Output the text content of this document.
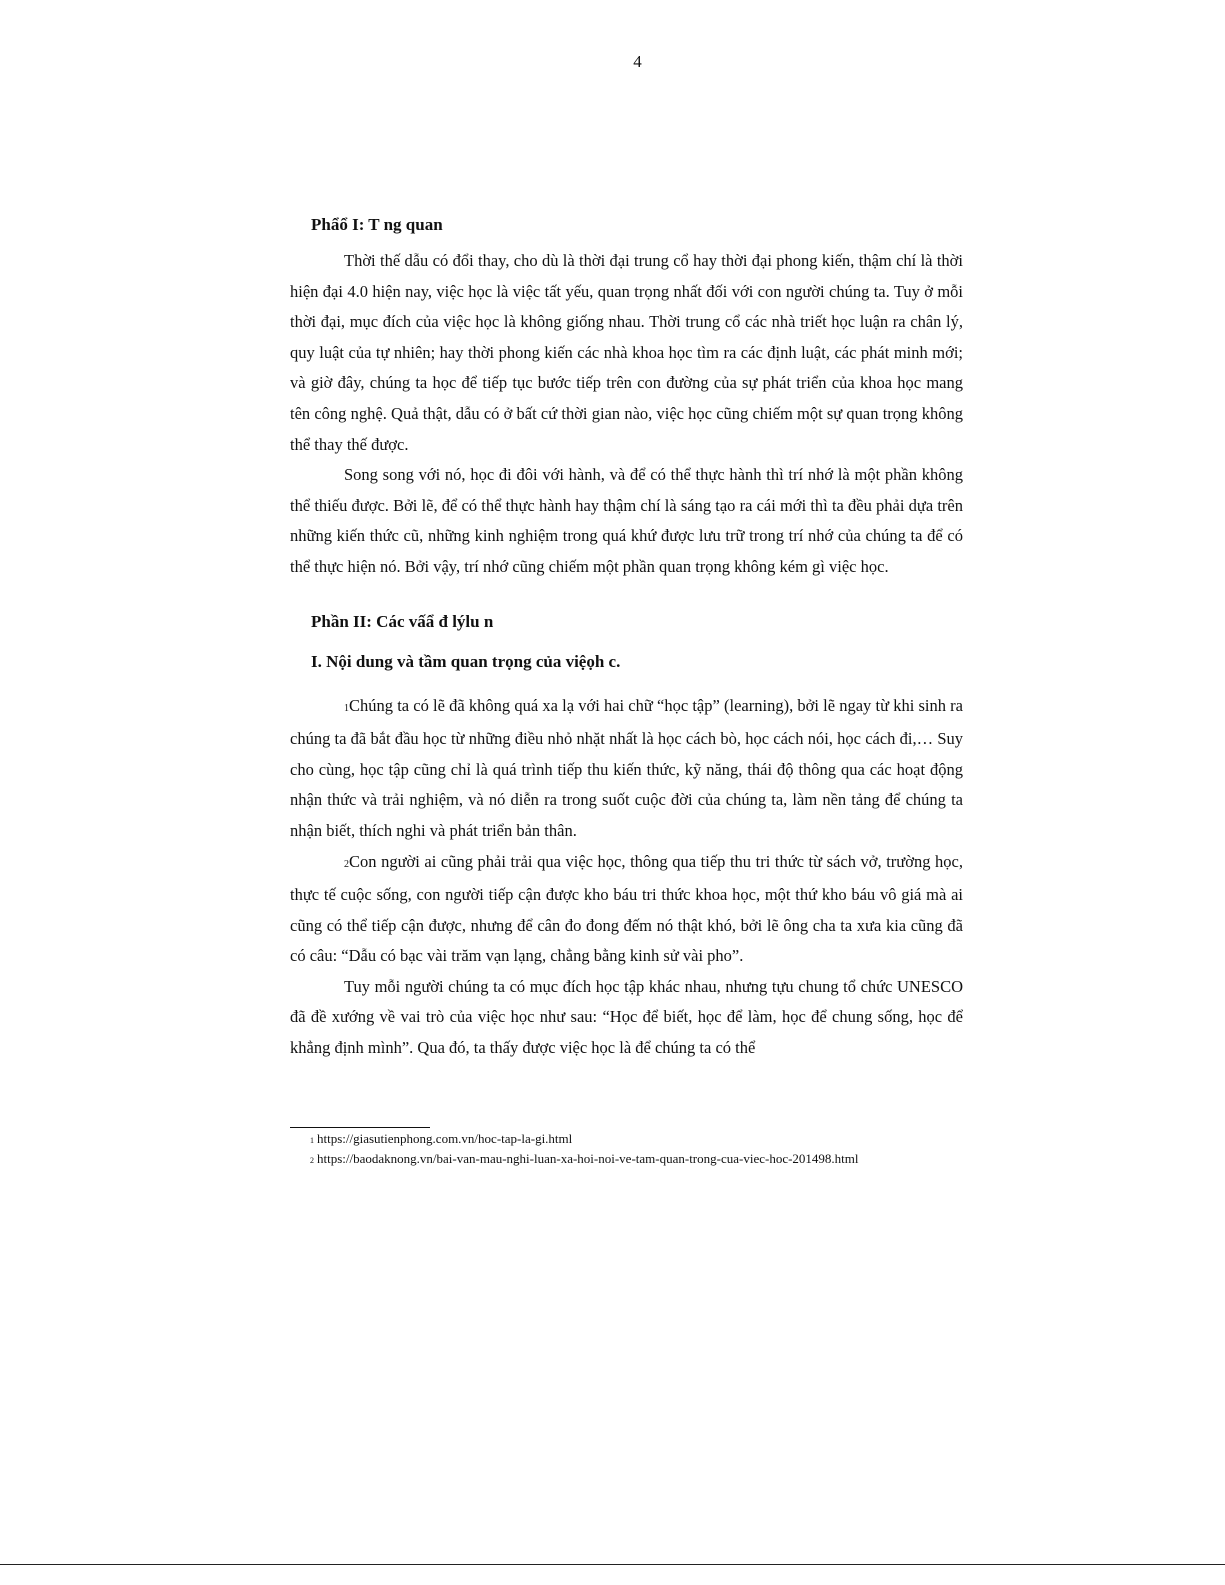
4

Phẩổ I: T ng quan

Thời thế dẫu có đổi thay, cho dù là thời đại trung cổ hay thời đại phong kiến, thậm chí là thời hiện đại 4.0 hiện nay, việc học là việc tất yếu, quan trọng nhất đối với con người chúng ta. Tuy ở mỗi thời đại, mục đích của việc học là không giống nhau. Thời trung cổ các nhà triết học luận ra chân lý, quy luật của tự nhiên; hay thời phong kiến các nhà khoa học tìm ra các định luật, các phát minh mới; và giờ đây, chúng ta học để tiếp tục bước tiếp trên con đường của sự phát triển của khoa học mang tên công nghệ. Quả thật, dẫu có ở bất cứ thời gian nào, việc học cũng chiếm một sự quan trọng không thể thay thế được.

Song song với nó, học đi đôi với hành, và để có thể thực hành thì trí nhớ là một phần không thể thiếu được. Bởi lẽ, để có thể thực hành hay thậm chí là sáng tạo ra cái mới thì ta đều phải dựa trên những kiến thức cũ, những kinh nghiệm trong quá khứ được lưu trữ trong trí nhớ của chúng ta để có thể thực hiện nó. Bởi vậy, trí nhớ cũng chiếm một phần quan trọng không kém gì việc học.

Phần II: Các vấẩ đ lýlu n

I. Nội dung và tầm quan trọng của việọh c.

1Chúng ta có lẽ đã không quá xa lạ với hai chữ “học tập” (learning), bởi lẽ ngay từ khi sinh ra chúng ta đã bắt đầu học từ những điều nhỏ nhặt nhất là học cách bò, học cách nói, học cách đi,… Suy cho cùng, học tập cũng chỉ là quá trình tiếp thu kiến thức, kỹ năng, thái độ thông qua các hoạt động nhận thức và trải nghiệm, và nó diễn ra trong suốt cuộc đời của chúng ta, làm nền tảng để chúng ta nhận biết, thích nghi và phát triển bản thân.

2Con người ai cũng phải trải qua việc học, thông qua tiếp thu tri thức từ sách vở, trường học, thực tế cuộc sống, con người tiếp cận được kho báu tri thức khoa học, một thứ kho báu vô giá mà ai cũng có thể tiếp cận được, nhưng để cân đo đong đếm nó thật khó, bởi lẽ ông cha ta xưa kia cũng đã có câu: “Dẫu có bạc vài trăm vạn lạng, chẳng bằng kinh sử vài pho”.

Tuy mỗi người chúng ta có mục đích học tập khác nhau, nhưng tựu chung tổ chức UNESCO đã đề xướng về vai trò của việc học như sau: “Học để biết, học để làm, học để chung sống, học để khẳng định mình”. Qua đó, ta thấy được việc học là để chúng ta có thể

1 https://giasutienphong.com.vn/hoc-tap-la-gi.html
2 https://baodaknong.vn/bai-van-mau-nghi-luan-xa-hoi-noi-ve-tam-quan-trong-cua-viec-hoc-201498.html
